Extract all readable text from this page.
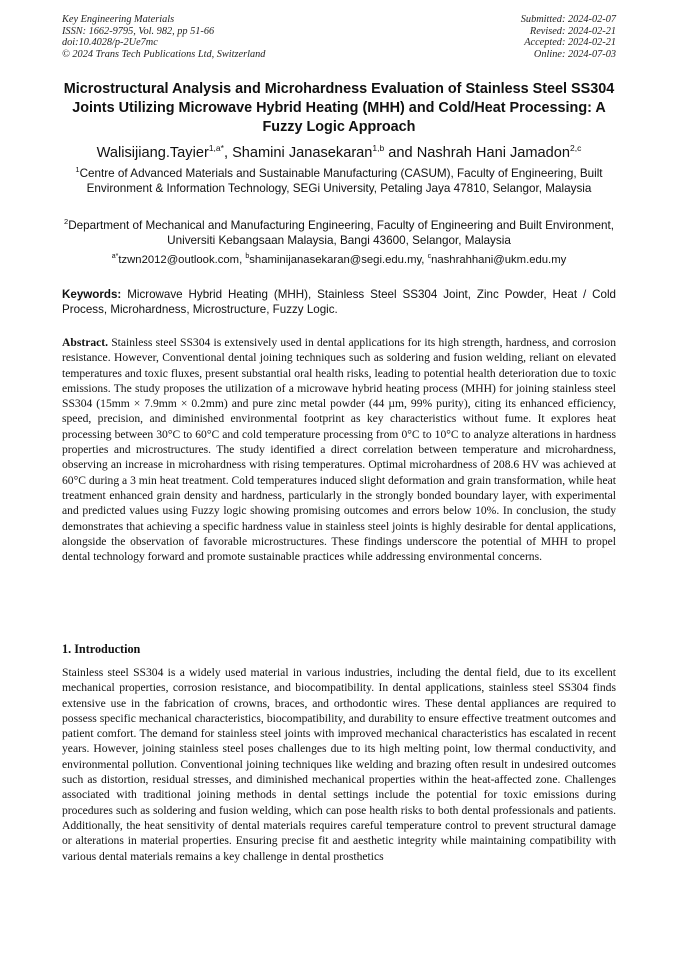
Key Engineering Materials
ISSN: 1662-9795, Vol. 982, pp 51-66
doi:10.4028/p-2Ue7mc
© 2024 Trans Tech Publications Ltd, Switzerland
Submitted: 2024-02-07
Revised: 2024-02-21
Accepted: 2024-02-21
Online: 2024-07-03
Microstructural Analysis and Microhardness Evaluation of Stainless Steel SS304 Joints Utilizing Microwave Hybrid Heating (MHH) and Cold/Heat Processing: A Fuzzy Logic Approach
Walisijiang.Tayier$^{1,a*}$, Shamini Janasekaran$^{1,b}$ and Nashrah Hani Jamadon$^{2,c}$
$^1$Centre of Advanced Materials and Sustainable Manufacturing (CASUM), Faculty of Engineering, Built Environment & Information Technology, SEGi University, Petaling Jaya 47810, Selangor, Malaysia
$^2$Department of Mechanical and Manufacturing Engineering, Faculty of Engineering and Built Environment, Universiti Kebangsaan Malaysia, Bangi 43600, Selangor, Malaysia
$^{a*}$tzwn2012@outlook.com, $^b$shaminijanasekaran@segi.edu.my, $^c$nashrahhani@ukm.edu.my
Keywords: Microwave Hybrid Heating (MHH), Stainless Steel SS304 Joint, Zinc Powder, Heat / Cold Process, Microhardness, Microstructure, Fuzzy Logic.
Abstract. Stainless steel SS304 is extensively used in dental applications for its high strength, hardness, and corrosion resistance. However, Conventional dental joining techniques such as soldering and fusion welding, reliant on elevated temperatures and toxic fluxes, present substantial oral health risks, leading to potential health deterioration due to toxic emissions. The study proposes the utilization of a microwave hybrid heating process (MHH) for joining stainless steel SS304 (15mm × 7.9mm × 0.2mm) and pure zinc metal powder (44 µm, 99% purity), citing its enhanced efficiency, speed, precision, and diminished environmental footprint as key characteristics without fume. It explores heat processing between 30°C to 60°C and cold temperature processing from 0°C to 10°C to analyze alterations in hardness properties and microstructures. The study identified a direct correlation between temperature and microhardness, observing an increase in microhardness with rising temperatures. Optimal microhardness of 208.6 HV was achieved at 60°C during a 3 min heat treatment. Cold temperatures induced slight deformation and grain transformation, while heat treatment enhanced grain density and hardness, particularly in the strongly bonded boundary layer, with experimental and predicted values using Fuzzy logic showing promising outcomes and errors below 10%. In conclusion, the study demonstrates that achieving a specific hardness value in stainless steel joints is highly desirable for dental applications, alongside the observation of favorable microstructures. These findings underscore the potential of MHH to propel dental technology forward and promote sustainable practices while addressing environmental concerns.
1. Introduction
Stainless steel SS304 is a widely used material in various industries, including the dental field, due to its excellent mechanical properties, corrosion resistance, and biocompatibility. In dental applications, stainless steel SS304 finds extensive use in the fabrication of crowns, braces, and orthodontic wires. These dental appliances are required to possess specific mechanical characteristics, biocompatibility, and durability to ensure effective treatment outcomes and patient comfort. The demand for stainless steel joints with improved mechanical characteristics has escalated in recent years. However, joining stainless steel poses challenges due to its high melting point, low thermal conductivity, and environmental pollution. Conventional joining techniques like welding and brazing often result in undesired outcomes such as distortion, residual stresses, and diminished mechanical properties within the heat-affected zone. Challenges associated with traditional joining methods in dental settings include the potential for toxic emissions during procedures such as soldering and fusion welding, which can pose health risks to both dental professionals and patients. Additionally, the heat sensitivity of dental materials requires careful temperature control to prevent structural damage or alterations in material properties. Ensuring precise fit and aesthetic integrity while maintaining compatibility with various dental materials remains a key challenge in dental prosthetics
